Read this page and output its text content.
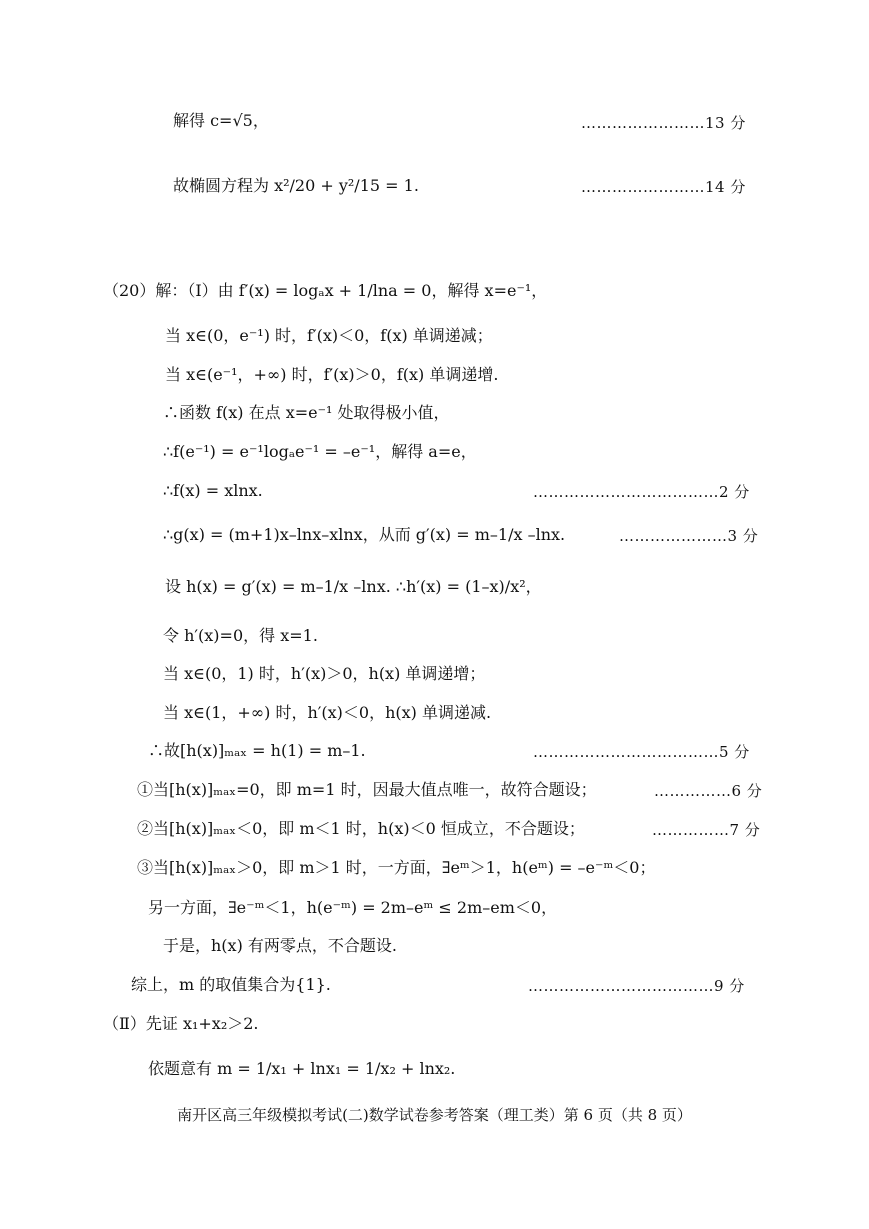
解得 c=√5，
故椭圆方程为 x²/20 + y²/15 = 1.
（20）解：（Ⅰ）由 f′(x) = logₐx + 1/lna = 0，解得 x=e⁻¹，
当 x∈(0，e⁻¹) 时，f′(x)＜0，f(x) 单调递减；
当 x∈(e⁻¹，+∞) 时，f′(x)＞0，f(x) 单调递增.
∴函数 f(x) 在点 x=e⁻¹ 处取得极小值，
∴f(e⁻¹) = e⁻¹logₐe⁻¹ = –e⁻¹，解得 a=e，
∴f(x) = xlnx.
∴g(x) = (m+1)x–lnx–xlnx，从而 g′(x) = m–1/x –lnx.
设 h(x) = g′(x) = m–1/x –lnx. ∴h′(x) = (1–x)/x²，
令 h′(x)=0，得 x=1.
当 x∈(0，1) 时，h′(x)＞0，h(x) 单调递增；
当 x∈(1，+∞) 时，h′(x)＜0，h(x) 单调递减.
∴故[h(x)]ₘₐₓ = h(1) = m–1.
①当[h(x)]ₘₐₓ=0，即 m=1 时，因最大值点唯一，故符合题设；
②当[h(x)]ₘₐₓ＜0，即 m＜1 时，h(x)＜0 恒成立，不合题设；
③当[h(x)]ₘₐₓ＞0，即 m＞1 时，一方面，∃eᵐ＞1，h(eᵐ) = –e⁻ᵐ＜0；
另一方面，∃e⁻ᵐ＜1，h(e⁻ᵐ) = 2m–eᵐ ≤ 2m–em＜0，
于是，h(x) 有两零点，不合题设.
综上，m 的取值集合为{1}.
（Ⅱ）先证 x₁+x₂＞2.
依题意有 m = 1/x₁ + lnx₁ = 1/x₂ + lnx₂.
……………………13 分
……………………14 分
………………………………2 分
…………………3 分
………………………………5 分
……………6 分
……………7 分
………………………………9 分
南开区高三年级模拟考试(二)数学试卷参考答案（理工类）第 6 页（共 8 页）
